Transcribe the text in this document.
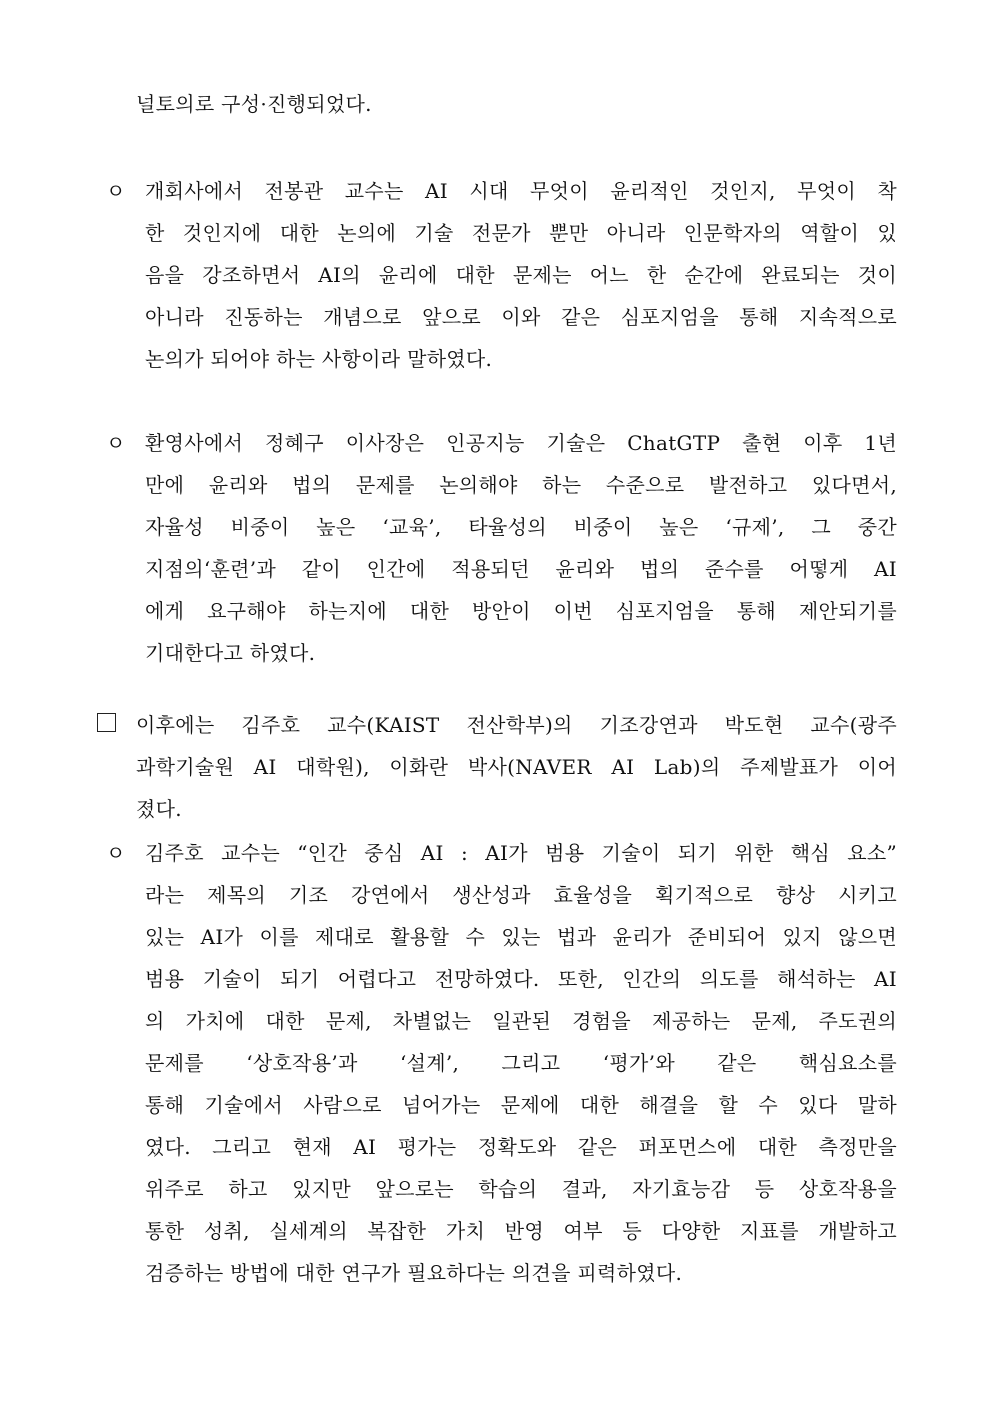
널토의로 구성·진행되었다.
ㅇ 개회사에서 전봉관 교수는 AI 시대 무엇이 윤리적인 것인지, 무엇이 착
한 것인지에 대한 논의에 기술 전문가 뿐만 아니라 인문학자의 역할이 있
음을 강조하면서 AI의 윤리에 대한 문제는 어느 한 순간에 완료되는 것이
아니라 진동하는 개념으로 앞으로 이와 같은 심포지엄을 통해 지속적으로
논의가 되어야 하는 사항이라 말하였다.
ㅇ 환영사에서 정혜구 이사장은 인공지능 기술은 ChatGTP 출현 이후 1년
만에 윤리와 법의 문제를 논의해야 하는 수준으로 발전하고 있다면서,
자율성 비중이 높은 ‘교육’, 타율성의 비중이 높은 ‘규제’, 그 중간
지점의‘훈련’과 같이 인간에 적용되던 윤리와 법의 준수를 어떻게 AI
에게 요구해야 하는지에 대한 방안이 이번 심포지엄을 통해 제안되기를
기대한다고 하였다.
이후에는 김주호 교수(KAIST 전산학부)의 기조강연과 박도현 교수(광주
과학기술원 AI 대학원), 이화란 박사(NAVER AI Lab)의 주제발표가 이어
졌다.
ㅇ 김주호 교수는 “인간 중심 AI : AI가 범용 기술이 되기 위한 핵심 요소”
라는 제목의 기조 강연에서 생산성과 효율성을 획기적으로 향상 시키고
있는 AI가 이를 제대로 활용할 수 있는 법과 윤리가 준비되어 있지 않으면
범용 기술이 되기 어렵다고 전망하였다. 또한, 인간의 의도를 해석하는 AI
의 가치에 대한 문제, 차별없는 일관된 경험을 제공하는 문제, 주도권의
문제를 ‘상호작용’과 ‘설계’, 그리고 ‘평가’와 같은 핵심요소를
통해 기술에서 사람으로 넘어가는 문제에 대한 해결을 할 수 있다 말하
였다. 그리고 현재 AI 평가는 정확도와 같은 퍼포먼스에 대한 측정만을
위주로 하고 있지만 앞으로는 학습의 결과, 자기효능감 등 상호작용을
통한 성취, 실세계의 복잡한 가치 반영 여부 등 다양한 지표를 개발하고
검증하는 방법에 대한 연구가 필요하다는 의견을 피력하였다.
